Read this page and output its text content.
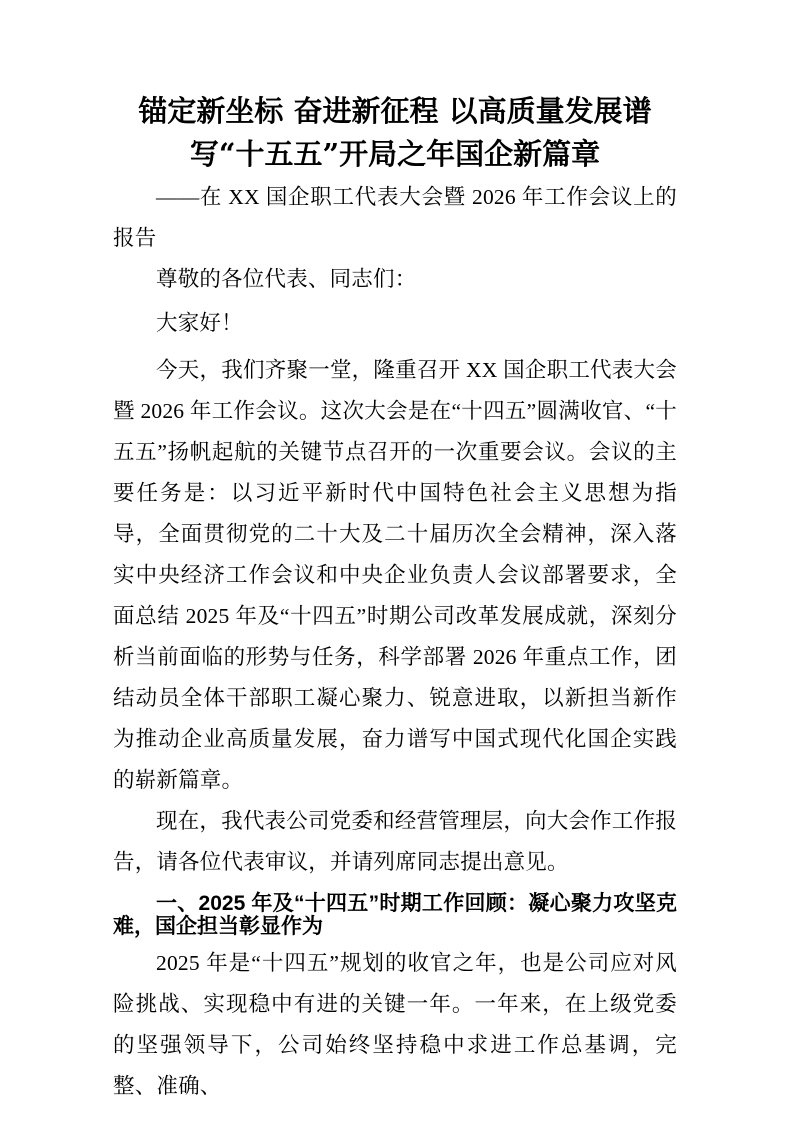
锚定新坐标 奋进新征程 以高质量发展谱
写“十五五”开局之年国企新篇章

——在 XX 国企职工代表大会暨 2026 年工作会议上的报告

尊敬的各位代表、同志们：

大家好！

今天，我们齐聚一堂，隆重召开 XX 国企职工代表大会暨 2026 年工作会议。这次大会是在“十四五”圆满收官、“十五五”扬帆起航的关键节点召开的一次重要会议。会议的主要任务是：以习近平新时代中国特色社会主义思想为指导，全面贯彻党的二十大及二十届历次全会精神，深入落实中央经济工作会议和中央企业负责人会议部署要求，全面总结 2025 年及“十四五”时期公司改革发展成就，深刻分析当前面临的形势与任务，科学部署 2026 年重点工作，团结动员全体干部职工凝心聚力、锐意进取，以新担当新作为推动企业高质量发展，奋力谱写中国式现代化国企实践的崭新篇章。

现在，我代表公司党委和经营管理层，向大会作工作报告，请各位代表审议，并请列席同志提出意见。

一、2025 年及“十四五”时期工作回顾：凝心聚力攻坚克难，国企担当彰显作为

2025 年是“十四五”规划的收官之年，也是公司应对风险挑战、实现稳中有进的关键一年。一年来，在上级党委的坚强领导下，公司始终坚持稳中求进工作总基调，完整、准确、
